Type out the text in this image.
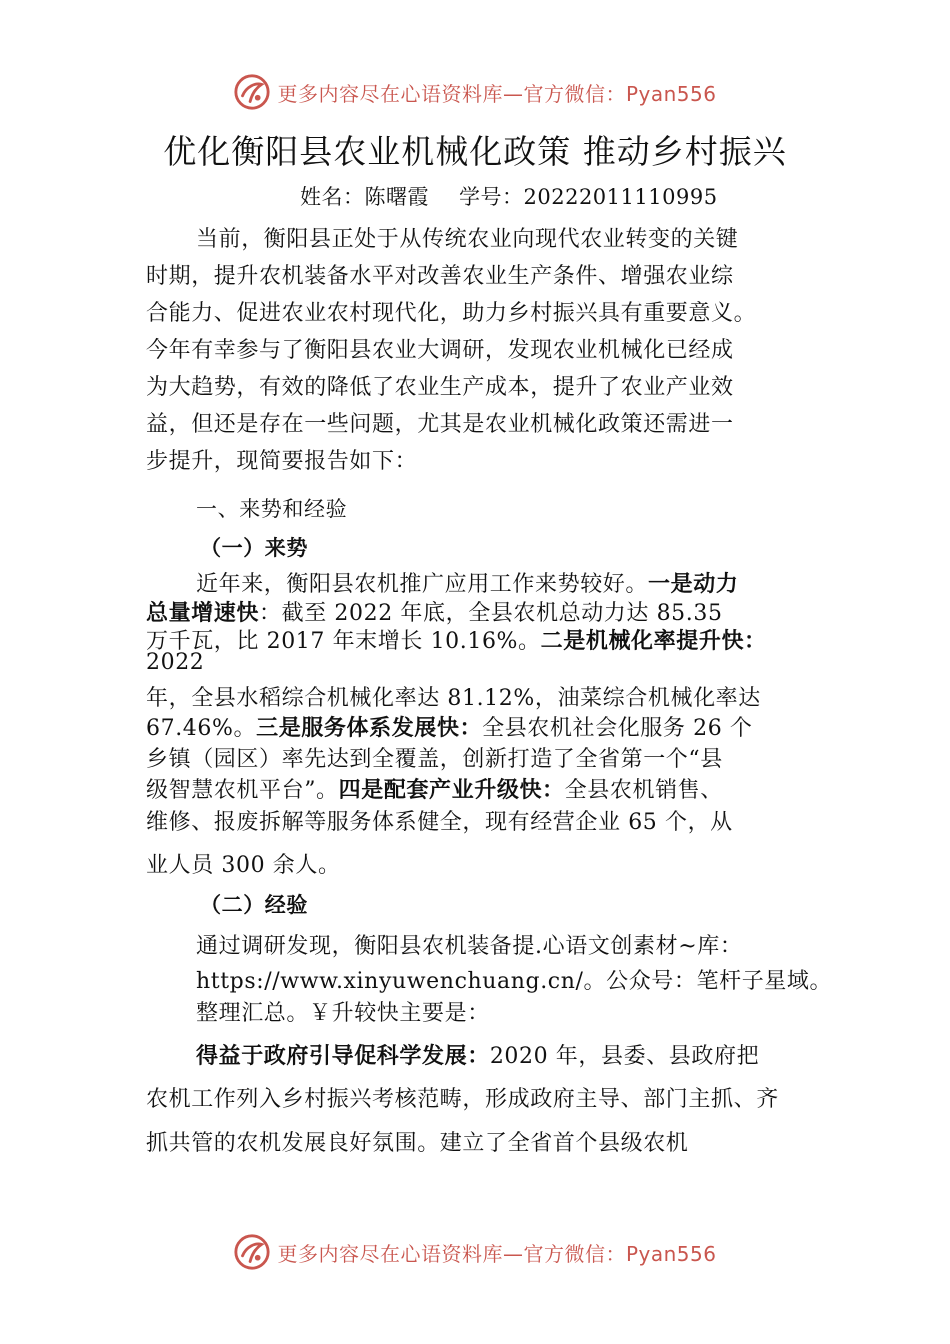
更多内容尽在心语资料库—官方微信：Pyan556
优化衡阳县农业机械化政策 推动乡村振兴
姓名：陈曙霞 学号：20222011110995
当前，衡阳县正处于从传统农业向现代农业转变的关键
时期，提升农机装备水平对改善农业生产条件、增强农业综
合能力、促进农业农村现代化，助力乡村振兴具有重要意义。
今年有幸参与了衡阳县农业大调研，发现农业机械化已经成
为大趋势，有效的降低了农业生产成本，提升了农业产业效
益，但还是存在一些问题，尤其是农业机械化政策还需进一
步提升，现简要报告如下：
一、来势和经验
（一）来势
近年来，衡阳县农机推广应用工作来势较好。一是动力
总量增速快：截至 2022 年底，全县农机总动力达 85.35
万千瓦，比 2017 年末增长 10.16%。二是机械化率提升快：
2022
年，全县水稻综合机械化率达 81.12%，油菜综合机械化率达
67.46%。三是服务体系发展快：全县农机社会化服务 26 个
乡镇（园区）率先达到全覆盖，创新打造了全省第一个“县
级智慧农机平台”。四是配套产业升级快：全县农机销售、
维修、报废拆解等服务体系健全，现有经营企业 65 个，从
业人员 300 余人。
（二）经验
通过调研发现，衡阳县农机装备提.心语文创素材~库：
https://www.xinyuwenchuang.cn/。公众号：笔杆子星域。
整理汇总。￥升较快主要是：
得益于政府引导促科学发展：2020 年，县委、县政府把
农机工作列入乡村振兴考核范畴，形成政府主导、部门主抓、齐
抓共管的农机发展良好氛围。建立了全省首个县级农机
更多内容尽在心语资料库—官方微信：Pyan556
